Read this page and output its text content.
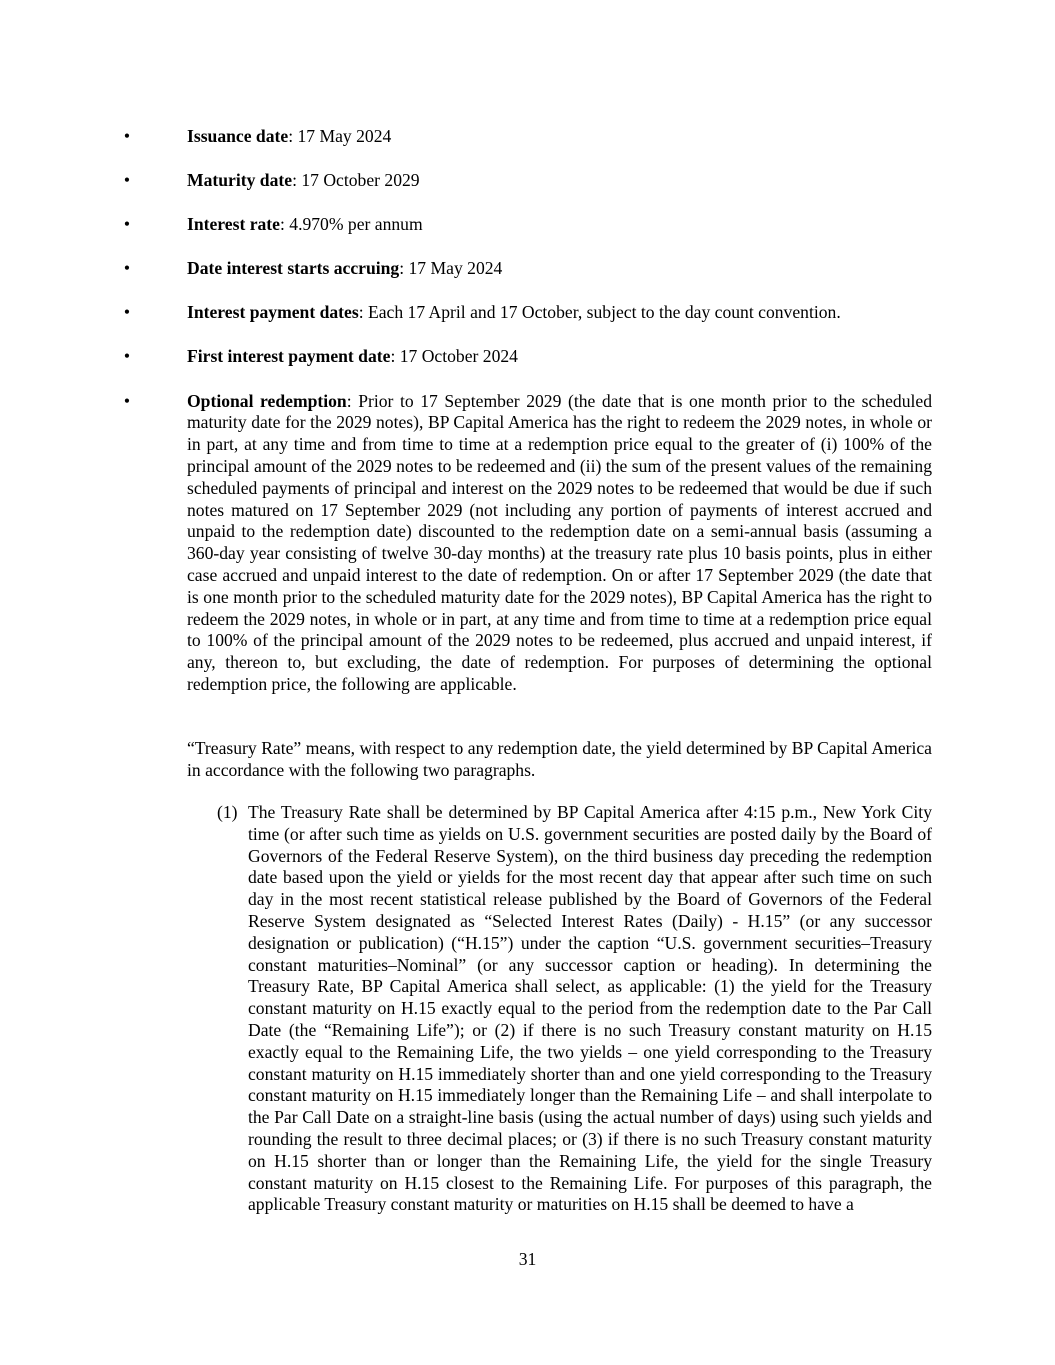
•	Issuance date: 17 May 2024
•	Maturity date: 17 October 2029
•	Interest rate: 4.970% per annum
•	Date interest starts accruing: 17 May 2024
•	Interest payment dates: Each 17 April and 17 October, subject to the day count convention.
•	First interest payment date: 17 October 2024
•	Optional redemption: Prior to 17 September 2029 (the date that is one month prior to the scheduled maturity date for the 2029 notes), BP Capital America has the right to redeem the 2029 notes, in whole or in part, at any time and from time to time at a redemption price equal to the greater of (i) 100% of the principal amount of the 2029 notes to be redeemed and (ii) the sum of the present values of the remaining scheduled payments of principal and interest on the 2029 notes to be redeemed that would be due if such notes matured on 17 September 2029 (not including any portion of payments of interest accrued and unpaid to the redemption date) discounted to the redemption date on a semi-annual basis (assuming a 360-day year consisting of twelve 30-day months) at the treasury rate plus 10 basis points, plus in either case accrued and unpaid interest to the date of redemption. On or after 17 September 2029 (the date that is one month prior to the scheduled maturity date for the 2029 notes), BP Capital America has the right to redeem the 2029 notes, in whole or in part, at any time and from time to time at a redemption price equal to 100% of the principal amount of the 2029 notes to be redeemed, plus accrued and unpaid interest, if any, thereon to, but excluding, the date of redemption. For purposes of determining the optional redemption price, the following are applicable.

“Treasury Rate” means, with respect to any redemption date, the yield determined by BP Capital America in accordance with the following two paragraphs.

(1) The Treasury Rate shall be determined by BP Capital America after 4:15 p.m., New York City time (or after such time as yields on U.S. government securities are posted daily by the Board of Governors of the Federal Reserve System), on the third business day preceding the redemption date based upon the yield or yields for the most recent day that appear after such time on such day in the most recent statistical release published by the Board of Governors of the Federal Reserve System designated as “Selected Interest Rates (Daily) - H.15” (or any successor designation or publication) (“H.15”) under the caption “U.S. government securities–Treasury constant maturities–Nominal” (or any successor caption or heading). In determining the Treasury Rate, BP Capital America shall select, as applicable: (1) the yield for the Treasury constant maturity on H.15 exactly equal to the period from the redemption date to the Par Call Date (the “Remaining Life”); or (2) if there is no such Treasury constant maturity on H.15 exactly equal to the Remaining Life, the two yields – one yield corresponding to the Treasury constant maturity on H.15 immediately shorter than and one yield corresponding to the Treasury constant maturity on H.15 immediately longer than the Remaining Life – and shall interpolate to the Par Call Date on a straight-line basis (using the actual number of days) using such yields and rounding the result to three decimal places; or (3) if there is no such Treasury constant maturity on H.15 shorter than or longer than the Remaining Life, the yield for the single Treasury constant maturity on H.15 closest to the Remaining Life. For purposes of this paragraph, the applicable Treasury constant maturity or maturities on H.15 shall be deemed to have a
31
